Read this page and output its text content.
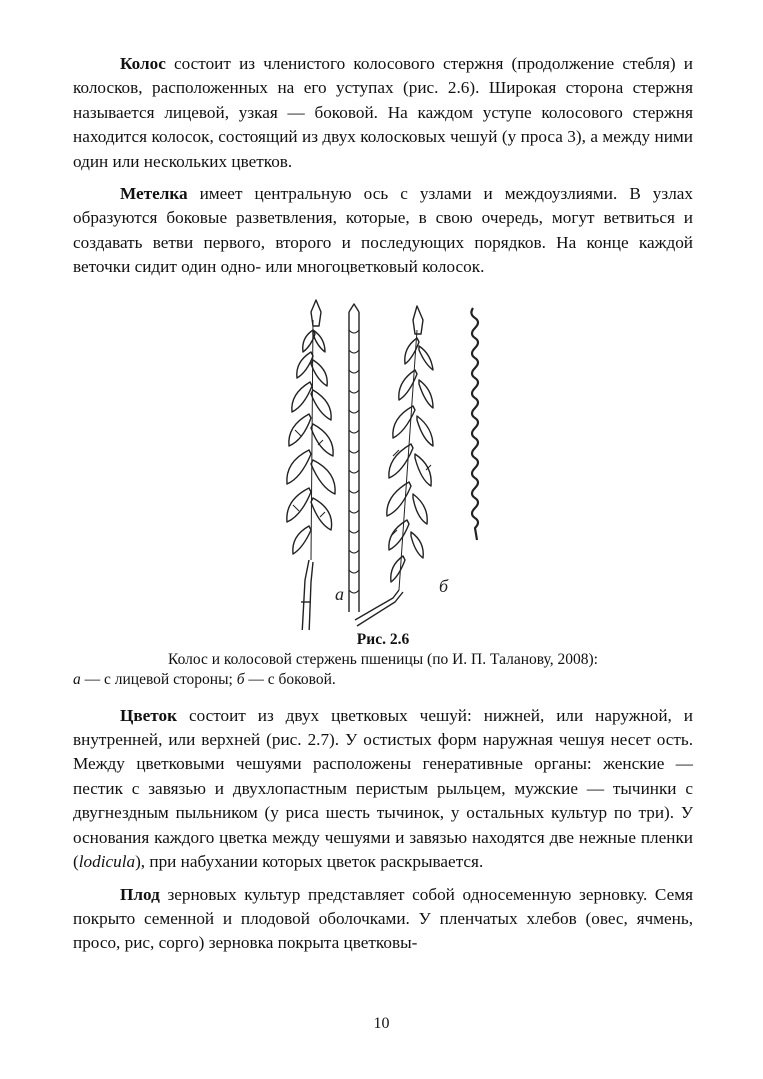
Колос состоит из членистого колосового стержня (продолжение стебля) и колосков, расположенных на его уступах (рис. 2.6). Широкая сторона стержня называется лицевой, узкая — боковой. На каждом уступе колосового стержня находится колосок, состоящий из двух колосковых чешуй (у проса 3), а между ними один или нескольких цветков.

Метелка имеет центральную ось с узлами и междоузлиями. В узлах образуются боковые разветвления, которые, в свою очередь, могут ветвиться и создавать ветви первого, второго и последующих порядков. На конце каждой веточки сидит один одно- или многоцветковый колосок.

а	б
Рис. 2.6
Колос и колосовой стержень пшеницы (по И. П. Таланову, 2008):
а — с лицевой стороны; б — с боковой.

Цветок состоит из двух цветковых чешуй: нижней, или наружной, и внутренней, или верхней (рис. 2.7). У остистых форм наружная чешуя несет ость. Между цветковыми чешуями расположены генеративные органы: женские — пестик с завязью и двухлопастным перистым рыльцем, мужские — тычинки с двугнездным пыльником (у риса шесть тычинок, у остальных культур по три). У основания каждого цветка между чешуями и завязью находятся две нежные пленки (lodicula), при набухании которых цветок раскрывается.

Плод зерновых культур представляет собой односеменную зерновку. Семя покрыто семенной и плодовой оболочками. У пленчатых хлебов (овес, ячмень, просо, рис, сорго) зерновка покрыта цветковы-

10
